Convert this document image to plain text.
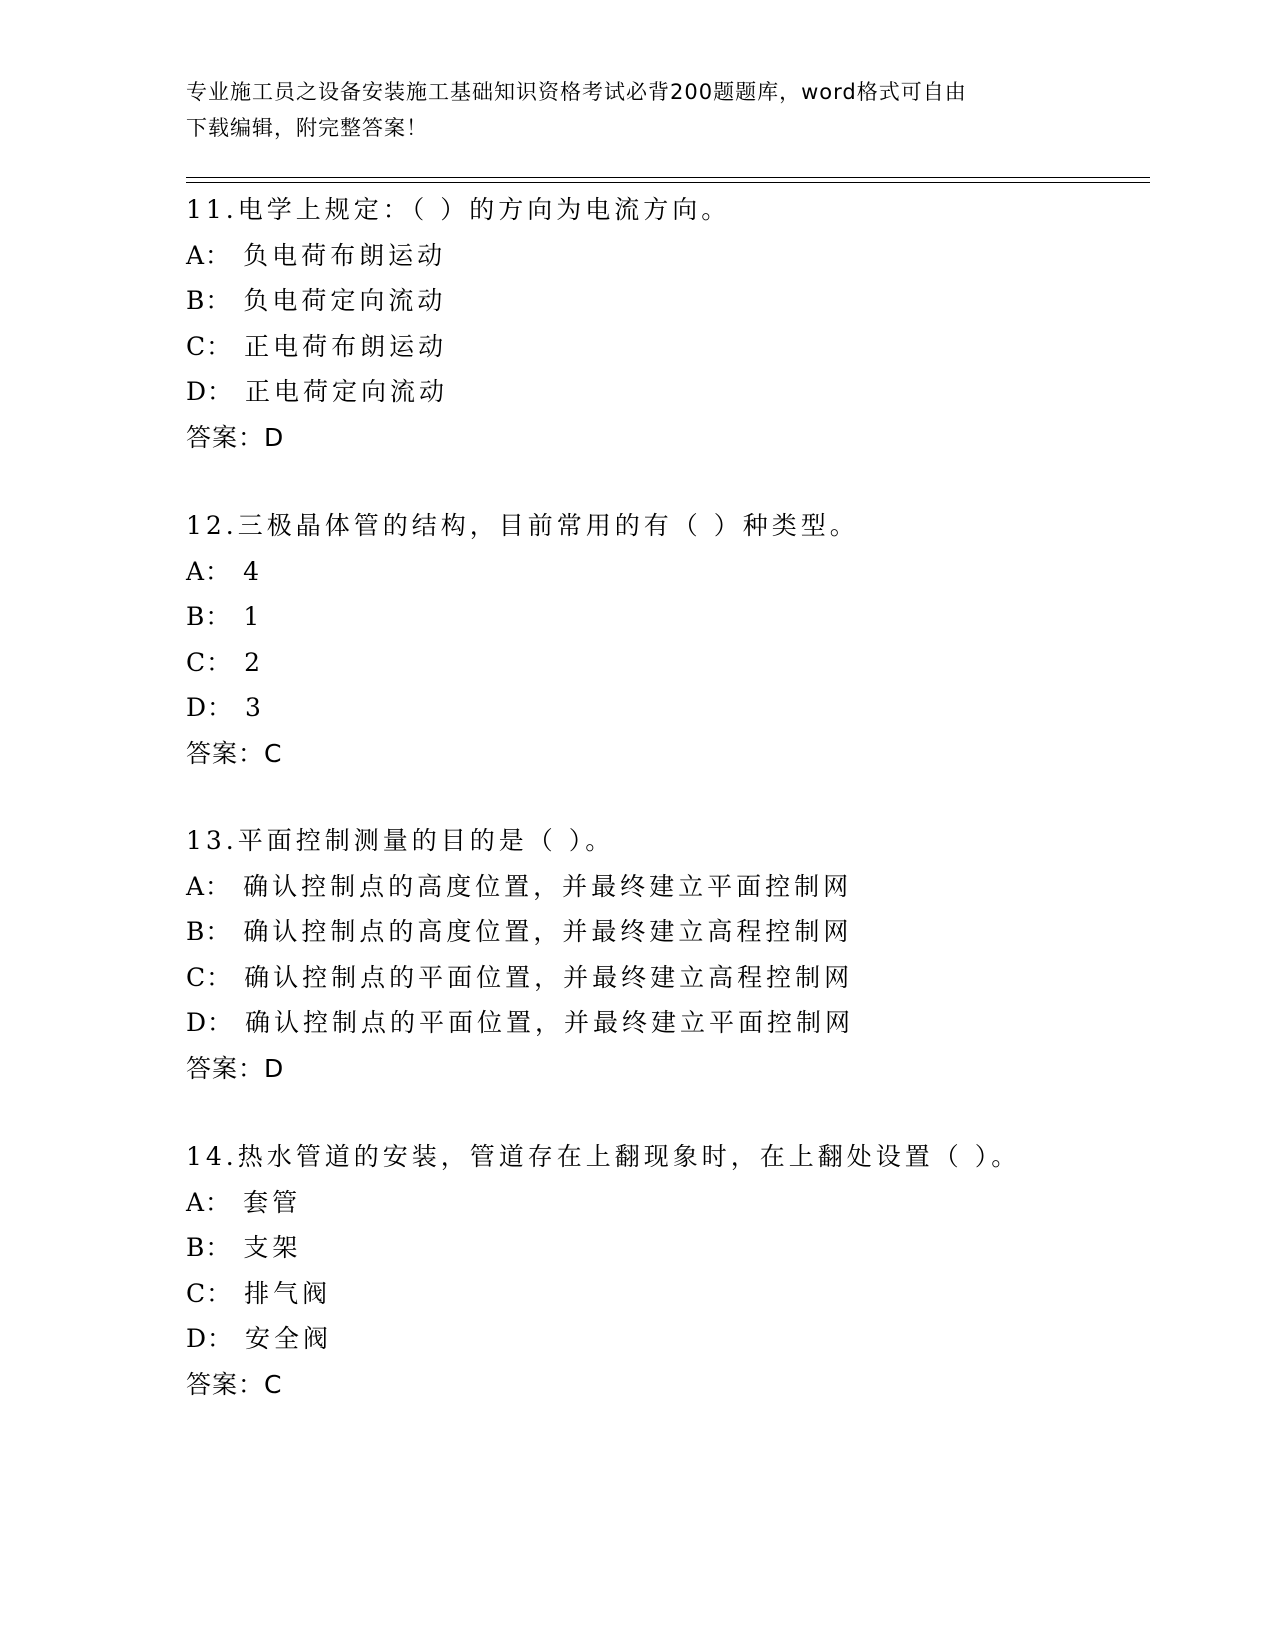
专业施工员之设备安装施工基础知识资格考试必背200题题库，word格式可自由
下载编辑，附完整答案！
11.电学上规定：（ ）的方向为电流方向。
A： 负电荷布朗运动
B： 负电荷定向流动
C： 正电荷布朗运动
D： 正电荷定向流动
答案：D
12.三极晶体管的结构，目前常用的有（ ）种类型。
A： 4
B： 1
C： 2
D： 3
答案：C
13.平面控制测量的目的是（ ）。
A： 确认控制点的高度位置，并最终建立平面控制网
B： 确认控制点的高度位置，并最终建立高程控制网
C： 确认控制点的平面位置，并最终建立高程控制网
D： 确认控制点的平面位置，并最终建立平面控制网
答案：D
14.热水管道的安装，管道存在上翻现象时，在上翻处设置（ ）。
A： 套管
B： 支架
C： 排气阀
D： 安全阀
答案：C
